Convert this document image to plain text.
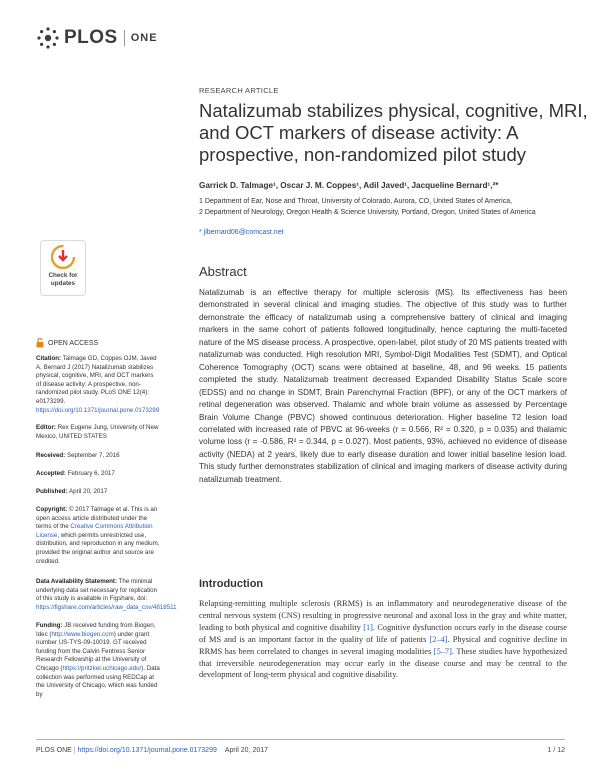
PLOS ONE
RESEARCH ARTICLE
Natalizumab stabilizes physical, cognitive, MRI, and OCT markers of disease activity: A prospective, non-randomized pilot study
Garrick D. Talmage¹, Oscar J. M. Coppes¹, Adil Javed¹, Jacqueline Bernard¹,²*
1 Department of Ear, Nose and Throat, University of Colorado, Aurora, CO, United States of America,
2 Department of Neurology, Oregon Health & Science University, Portland, Oregon, United States of America
* jlbernard06@comcast.net
Check for
updates
OPEN ACCESS
Citation: Talmage GD, Coppes OJM, Javed A, Bernard J (2017) Natalizumab stabilizes physical, cognitive, MRI, and OCT markers of disease activity: A prospective, non-randomized pilot study. PLoS ONE 12(4): e0173299. https://doi.org/10.1371/journal.pone.0173299
Editor: Rex Eugene Jung, University of New Mexico, UNITED STATES
Received: September 7, 2016
Accepted: February 6, 2017
Published: April 20, 2017
Copyright: © 2017 Talmage et al. This is an open access article distributed under the terms of the Creative Commons Attribution License, which permits unrestricted use, distribution, and reproduction in any medium, provided the original author and source are credited.
Data Availability Statement: The minimal underlying data set necessary for replication of this study is available in Figshare, doi: https://figshare.com/articles/raw_data_csv/4818511
Funding: JB received funding from Biogen, Idec (http://www.biogen.com) under grant number US-TYS-09-10019. GT received funding from the Calvin Fentress Senior Research Fellowship at the University of Chicago (https://pritzker.uchicago.edu/). Data collection was performed using REDCap at the University of Chicago, which was funded by
Abstract
Natalizumab is an effective therapy for multiple sclerosis (MS). Its effectiveness has been demonstrated in several clinical and imaging studies. The objective of this study was to further demonstrate the efficacy of natalizumab using a comprehensive battery of clinical and imaging markers in the same cohort of patients followed longitudinally, hence capturing the multi-faceted nature of the MS disease process. A prospective, open-label, pilot study of 20 MS patients treated with natalizumab was conducted. High resolution MRI, Symbol-Digit Modalities Test (SDMT), and Optical Coherence Tomography (OCT) scans were obtained at baseline, 48, and 96 weeks. 15 patients completed the study. Natalizumab treatment decreased Expanded Disability Status Scale score (EDSS) and no change in SDMT, Brain Parenchymal Fraction (BPF), or any of the OCT markers of retinal degeneration was observed. Thalamic and whole brain volume as assessed by Percentage Brain Volume Change (PBVC) showed continuous deterioration. Higher baseline T2 lesion load correlated with increased rate of PBVC at 96-weeks (r = 0.566, R² = 0.320, p = 0.035) and thalamic volume loss (r = -0.586, R² = 0.344, p = 0.027). Most patients, 93%, achieved no evidence of disease activity (NEDA) at 2 years, likely due to early disease duration and lower initial baseline lesion load. This study further demonstrates stabilization of clinical and imaging markers of disease activity during natalizumab treatment.
Introduction
Relapsing-remitting multiple sclerosis (RRMS) is an inflammatory and neurodegenerative disease of the central nervous system (CNS) resulting in progressive neuronal and axonal loss in the gray and white matter, leading to both physical and cognitive disability [1]. Cognitive dysfunction occurs early in the disease course of MS and is an important factor in the quality of life of patients [2–4]. Physical and cognitive decline in RRMS has been correlated to changes in several imaging modalities [5–7]. These studies have hypothesized that irreversible neurodegeneration may occur early in the disease course and may be central to the development of long-term physical and cognitive disability.
PLOS ONE | https://doi.org/10.1371/journal.pone.0173299 April 20, 2017	1 / 12
